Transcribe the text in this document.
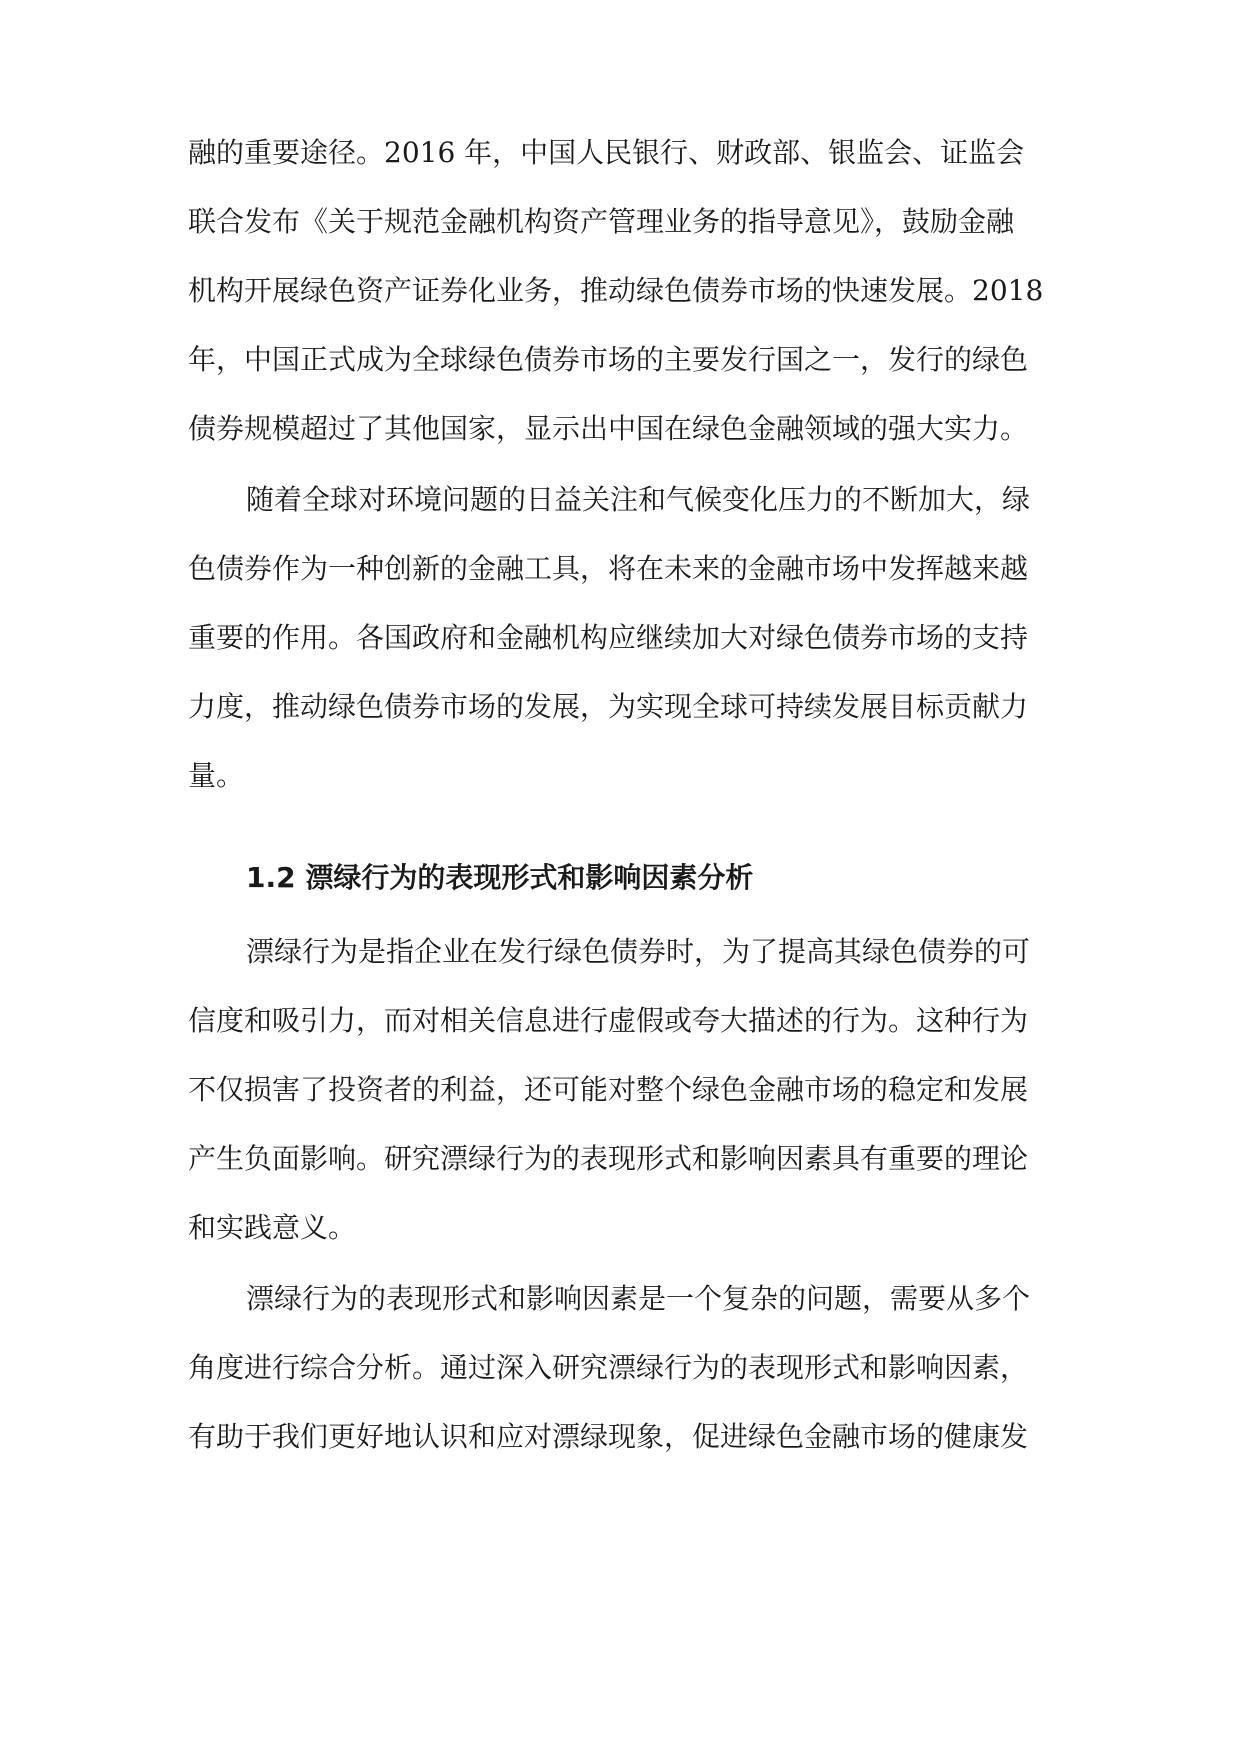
融的重要途径。2016 年，中国人民银行、财政部、银监会、证监会
联合发布《关于规范金融机构资产管理业务的指导意见》，鼓励金融
机构开展绿色资产证券化业务，推动绿色债券市场的快速发展。2018
年，中国正式成为全球绿色债券市场的主要发行国之一，发行的绿色
债券规模超过了其他国家，显示出中国在绿色金融领域的强大实力。
随着全球对环境问题的日益关注和气候变化压力的不断加大，绿
色债券作为一种创新的金融工具，将在未来的金融市场中发挥越来越
重要的作用。各国政府和金融机构应继续加大对绿色债券市场的支持
力度，推动绿色债券市场的发展，为实现全球可持续发展目标贡献力
量。
1.2 漂绿行为的表现形式和影响因素分析
漂绿行为是指企业在发行绿色债券时，为了提高其绿色债券的可
信度和吸引力，而对相关信息进行虚假或夸大描述的行为。这种行为
不仅损害了投资者的利益，还可能对整个绿色金融市场的稳定和发展
产生负面影响。研究漂绿行为的表现形式和影响因素具有重要的理论
和实践意义。
漂绿行为的表现形式和影响因素是一个复杂的问题，需要从多个
角度进行综合分析。通过深入研究漂绿行为的表现形式和影响因素，
有助于我们更好地认识和应对漂绿现象，促进绿色金融市场的健康发
